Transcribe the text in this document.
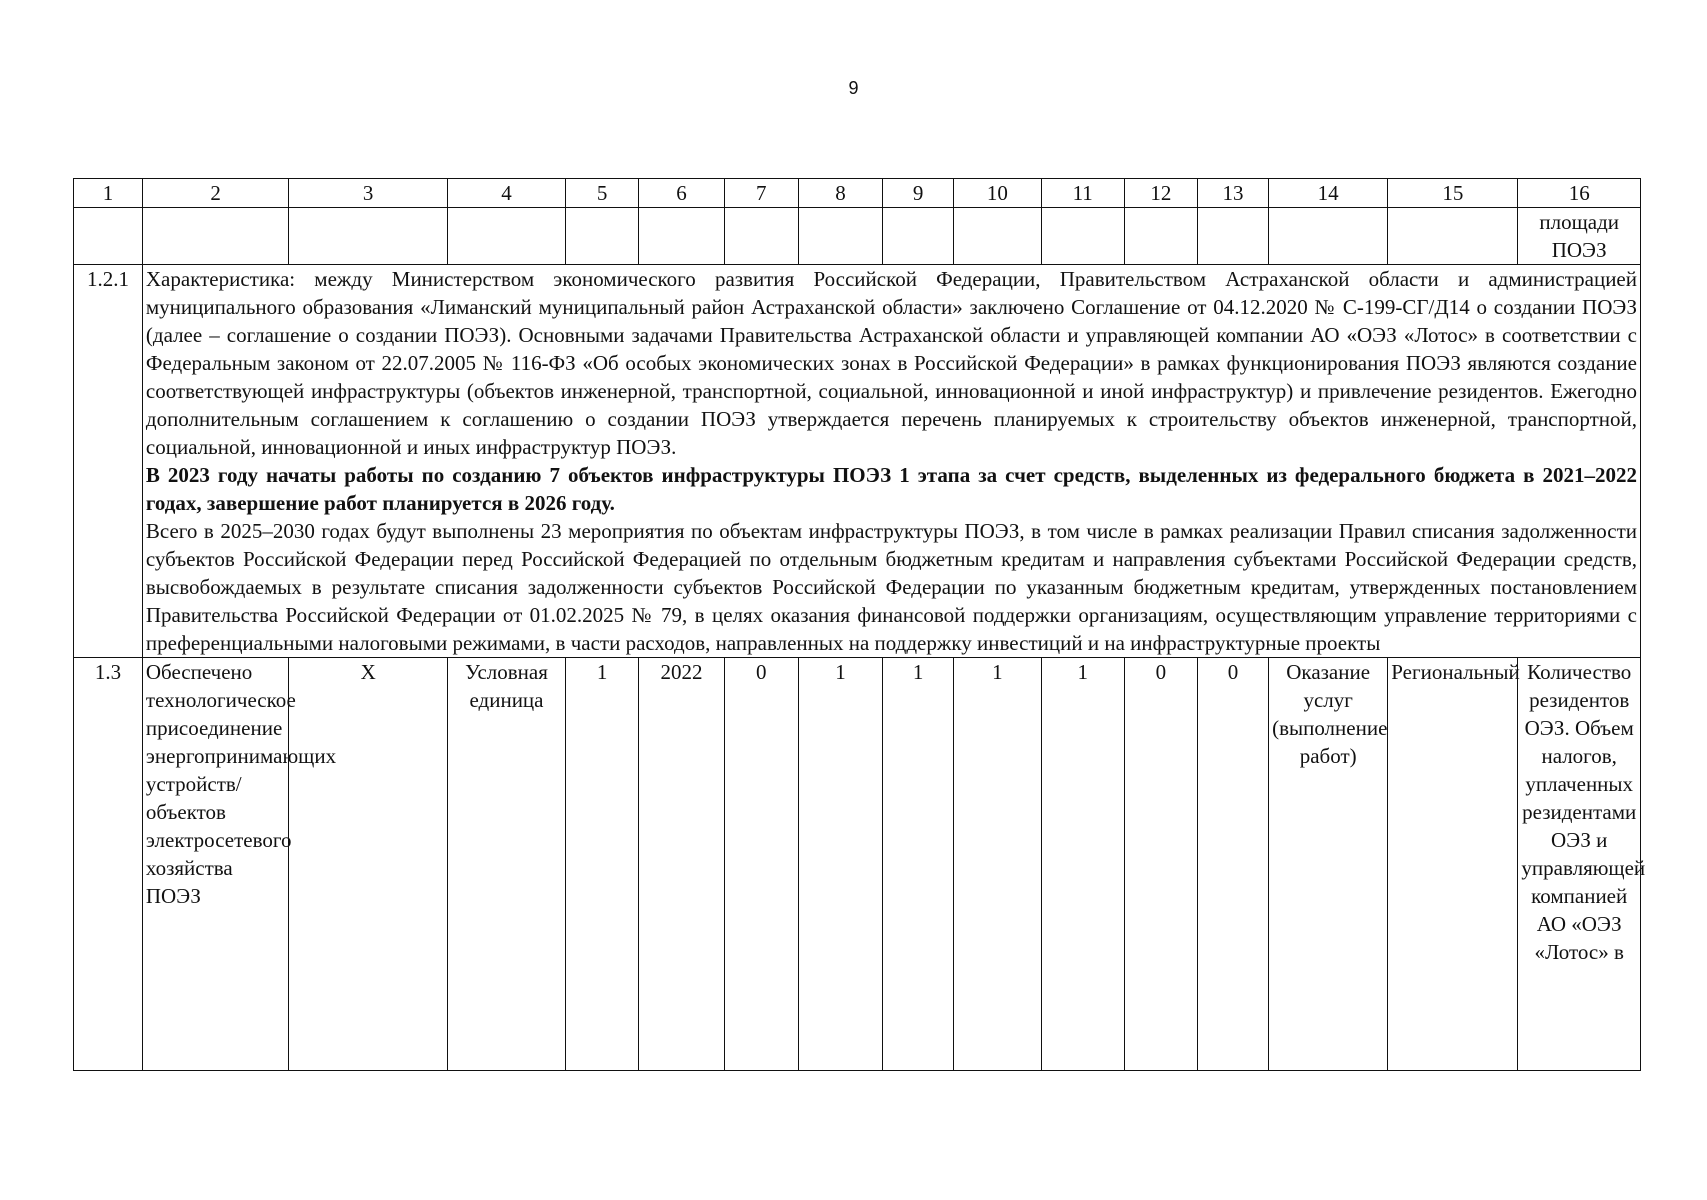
9
1	2	3	4	5	6	7	8	9	10	11	12	13	14	15	16
															площади ПОЭЗ
1.2.1	Характеристика: между Министерством экономического развития Российской Федерации, Правительством Астраханской области и администрацией муниципального образования «Лиманский муниципальный район Астраханской области» заключено Соглашение от 04.12.2020 № С-199-СГ/Д14 о создании ПОЭЗ (далее – соглашение о создании ПОЭЗ). Основными задачами Правительства Астраханской области и управляющей компании АО «ОЭЗ «Лотос» в соответствии с Федеральным законом от 22.07.2005 № 116-ФЗ «Об особых экономических зонах в Российской Федерации» в рамках функционирования ПОЭЗ являются создание соответствующей инфраструктуры (объектов инженерной, транспортной, социальной, инновационной и иной инфраструктур) и привлечение резидентов. Ежегодно дополнительным соглашением к соглашению о создании ПОЭЗ утверждается перечень планируемых к строительству объектов инженерной, транспортной, социальной, инновационной и иных инфраструктур ПОЭЗ.
В 2023 году начаты работы по созданию 7 объектов инфраструктуры ПОЭЗ 1 этапа за счет средств, выделенных из федерального бюджета в 2021–2022 годах, завершение работ планируется в 2026 году.
Всего в 2025–2030 годах будут выполнены 23 мероприятия по объектам инфраструктуры ПОЭЗ, в том числе в рамках реализации Правил списания задолженности субъектов Российской Федерации перед Российской Федерацией по отдельным бюджетным кредитам и направления субъектами Российской Федерации средств, высвобождаемых в результате списания задолженности субъектов Российской Федерации по указанным бюджетным кредитам, утвержденных постановлением Правительства Российской Федерации от 01.02.2025 № 79, в целях оказания финансовой поддержки организациям, осуществляющим управление территориями с преференциальными налоговыми режимами, в части расходов, направленных на поддержку инвестиций и на инфраструктурные проекты														

1.3	Обеспечено технологическое присоединение энергопринимающих устройств/ объектов электросетевого хозяйства ПОЭЗ	Х	Условная единица	1	2022	0	1	1	1	1	0	0	Оказание услуг (выполнение работ)	Региональный	Количество резидентов ОЭЗ. Объем налогов, уплаченных резидентами ОЭЗ и управляющей компанией АО «ОЭЗ «Лотос» в
